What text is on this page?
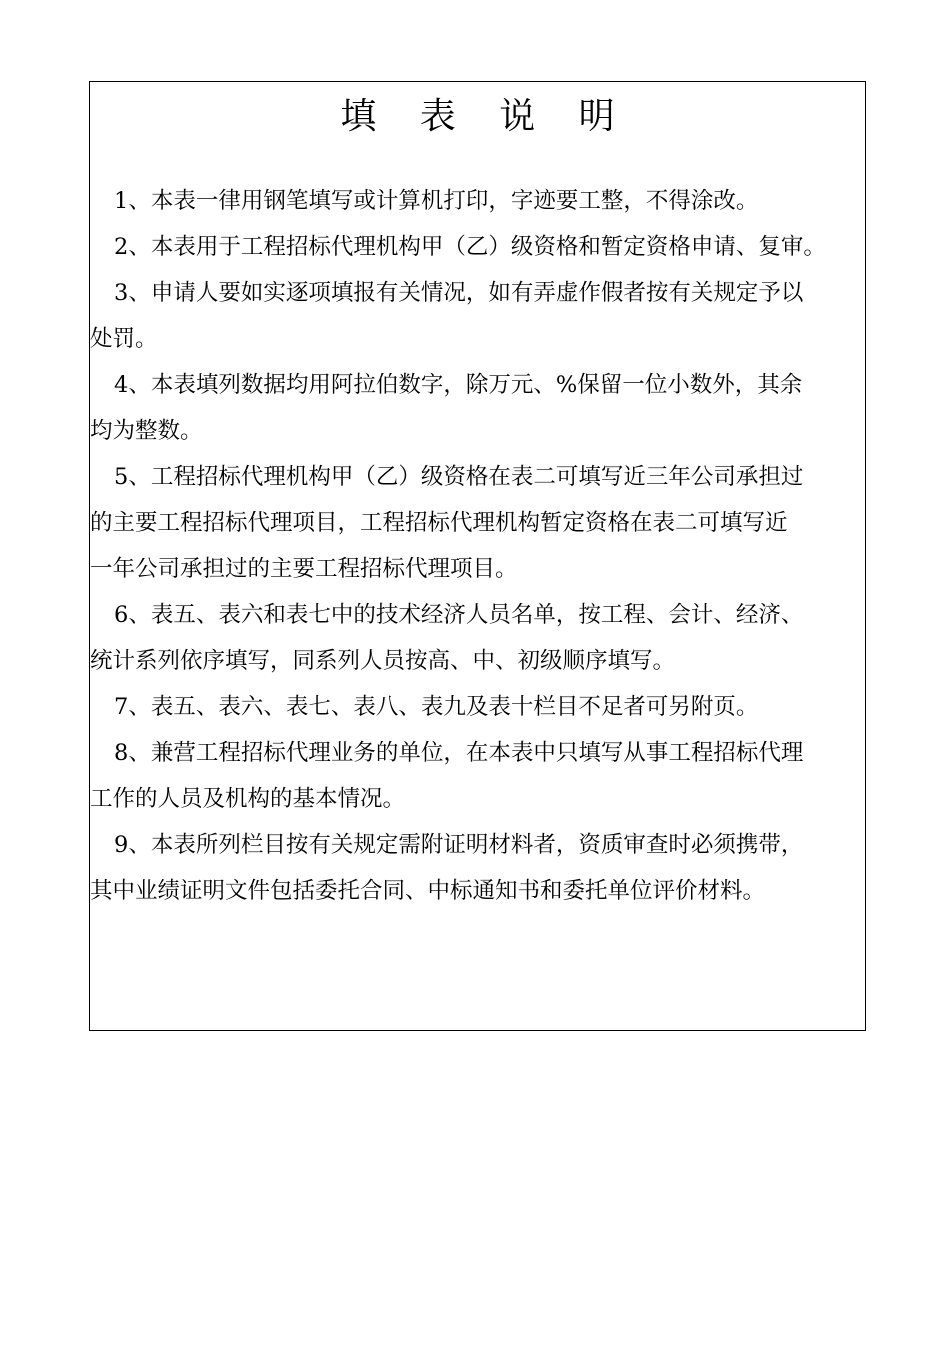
填 表 说 明
1、本表一律用钢笔填写或计算机打印，字迹要工整，不得涂改。
2、本表用于工程招标代理机构甲（乙）级资格和暂定资格申请、复审。
3、申请人要如实逐项填报有关情况，如有弄虚作假者按有关规定予以
处罚。
4、本表填列数据均用阿拉伯数字，除万元、%保留一位小数外，其余
均为整数。
5、工程招标代理机构甲（乙）级资格在表二可填写近三年公司承担过
的主要工程招标代理项目，工程招标代理机构暂定资格在表二可填写近
一年公司承担过的主要工程招标代理项目。
6、表五、表六和表七中的技术经济人员名单，按工程、会计、经济、
统计系列依序填写，同系列人员按高、中、初级顺序填写。
7、表五、表六、表七、表八、表九及表十栏目不足者可另附页。
8、兼营工程招标代理业务的单位，在本表中只填写从事工程招标代理
工作的人员及机构的基本情况。
9、本表所列栏目按有关规定需附证明材料者，资质审查时必须携带，
其中业绩证明文件包括委托合同、中标通知书和委托单位评价材料。
